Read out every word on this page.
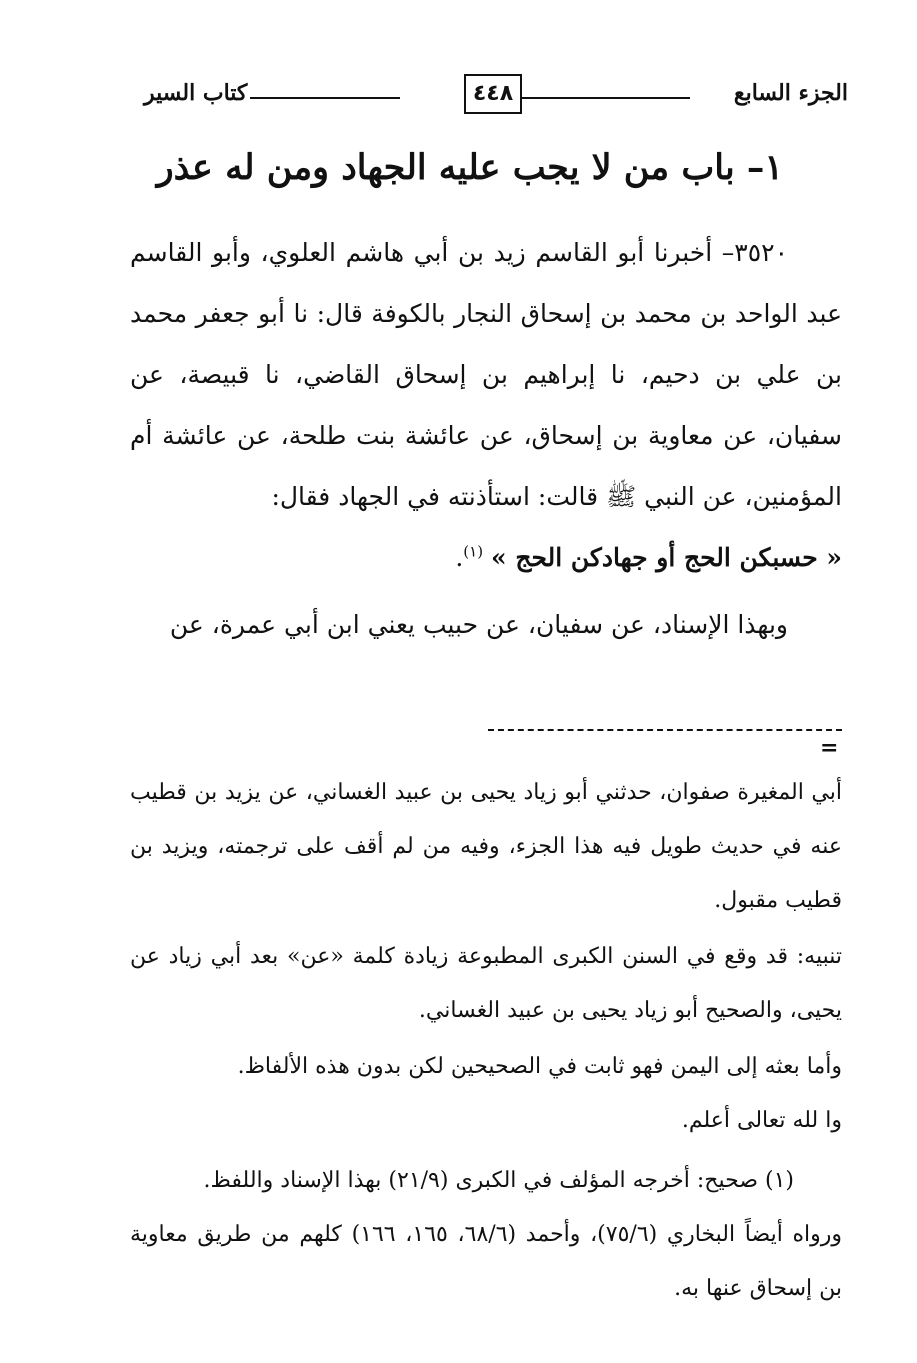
كتاب السير	٤٤٨	الجزء السابع
١– باب من لا يجب عليه الجهاد ومن له عذر

٣٥٢٠– أخبرنا أبو القاسم زيد بن أبي هاشم العلوي، وأبو القاسم عبد الواحد بن محمد بن إسحاق النجار بالكوفة قال: نا أبو جعفر محمد بن علي بن دحيم، نا إبراهيم بن إسحاق القاضي، نا قبيصة، عن سفيان، عن معاوية بن إسحاق، عن عائشة بنت طلحة، عن عائشة أم المؤمنين، عن النبي ﷺ قالت: استأذنته في الجهاد فقال:
« حسبكن الحج أو جهادكن الحج » $^{(١)}$.

وبهذا الإسناد، عن سفيان، عن حبيب يعني ابن أبي عمرة، عن

=

أبي المغيرة صفوان، حدثني أبو زياد يحيى بن عبيد الغساني، عن يزيد بن قطيب عنه في حديث طويل فيه هذا الجزء، وفيه من لم أقف على ترجمته، ويزيد بن قطيب مقبول.

تنبيه: قد وقع في السنن الكبرى المطبوعة زيادة كلمة «عن» بعد أبي زياد عن يحيى، والصحيح أبو زياد يحيى بن عبيد الغساني.

وأما بعثه إلى اليمن فهو ثابت في الصحيحين لكن بدون هذه الألفاظ.

وا لله تعالى أعلم.

(١) صحيح: أخرجه المؤلف في الكبرى (٢١/٩) بهذا الإسناد واللفظ.

ورواه أيضاً البخاري (٧٥/٦)، وأحمد (٦٨/٦، ١٦٥، ١٦٦) كلهم من طريق معاوية بن إسحاق عنها به.
